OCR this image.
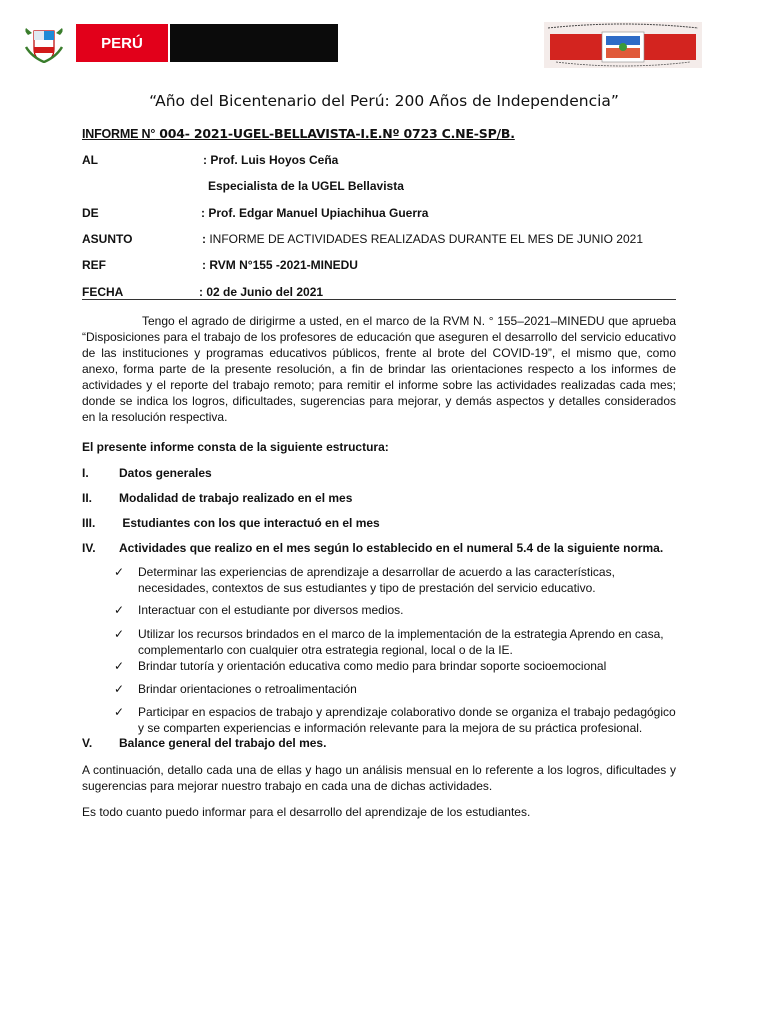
PERÚ
“Año del Bicentenario del Perú: 200 Años de Independencia”
INFORME N° 004- 2021-UGEL-BELLAVISTA-I.E.Nº 0723 C.NE-SP/B.
AL	: Prof. Luis Hoyos Ceña
Especialista de la UGEL Bellavista
DE	: Prof. Edgar Manuel Upiachihua Guerra
ASUNTO	: INFORME DE ACTIVIDADES REALIZADAS DURANTE EL MES DE JUNIO 2021
REF	: RVM N°155 -2021-MINEDU
FECHA	: 02 de Junio del 2021
Tengo el agrado de dirigirme a usted, en el marco de la RVM N. ° 155–2021–MINEDU que aprueba “Disposiciones para el trabajo de los profesores de educación que aseguren el desarrollo del servicio educativo de las instituciones y programas educativos públicos, frente al brote del COVID-19”, el mismo que, como anexo, forma parte de la presente resolución, a fin de brindar las orientaciones respecto a los informes de actividades y el reporte del trabajo remoto; para remitir el informe sobre las actividades realizadas cada mes; donde se indica los logros, dificultades, sugerencias para mejorar, y demás aspectos y detalles considerados en la resolución respectiva.
El presente informe consta de la siguiente estructura:
I.	Datos generales
II. Modalidad de trabajo realizado en el mes
III. Estudiantes con los que interactuó en el mes
IV. Actividades que realizo en el mes según lo establecido en el numeral 5.4 de la siguiente norma.
✓ Determinar las experiencias de aprendizaje a desarrollar de acuerdo a las características, necesidades, contextos de sus estudiantes y tipo de prestación del servicio educativo.
✓ Interactuar con el estudiante por diversos medios.
✓ Utilizar los recursos brindados en el marco de la implementación de la estrategia Aprendo en casa, complementarlo con cualquier otra estrategia regional, local o de la IE.
✓ Brindar tutoría y orientación educativa como medio para brindar soporte socioemocional
✓ Brindar orientaciones o retroalimentación
✓ Participar en espacios de trabajo y aprendizaje colaborativo donde se organiza el trabajo pedagógico y se comparten experiencias e información relevante para la mejora de su práctica profesional.
V. Balance general del trabajo del mes.
A continuación, detallo cada una de ellas y hago un análisis mensual en lo referente a los logros, dificultades y sugerencias para mejorar nuestro trabajo en cada una de dichas actividades.
Es todo cuanto puedo informar para el desarrollo del aprendizaje de los estudiantes.
